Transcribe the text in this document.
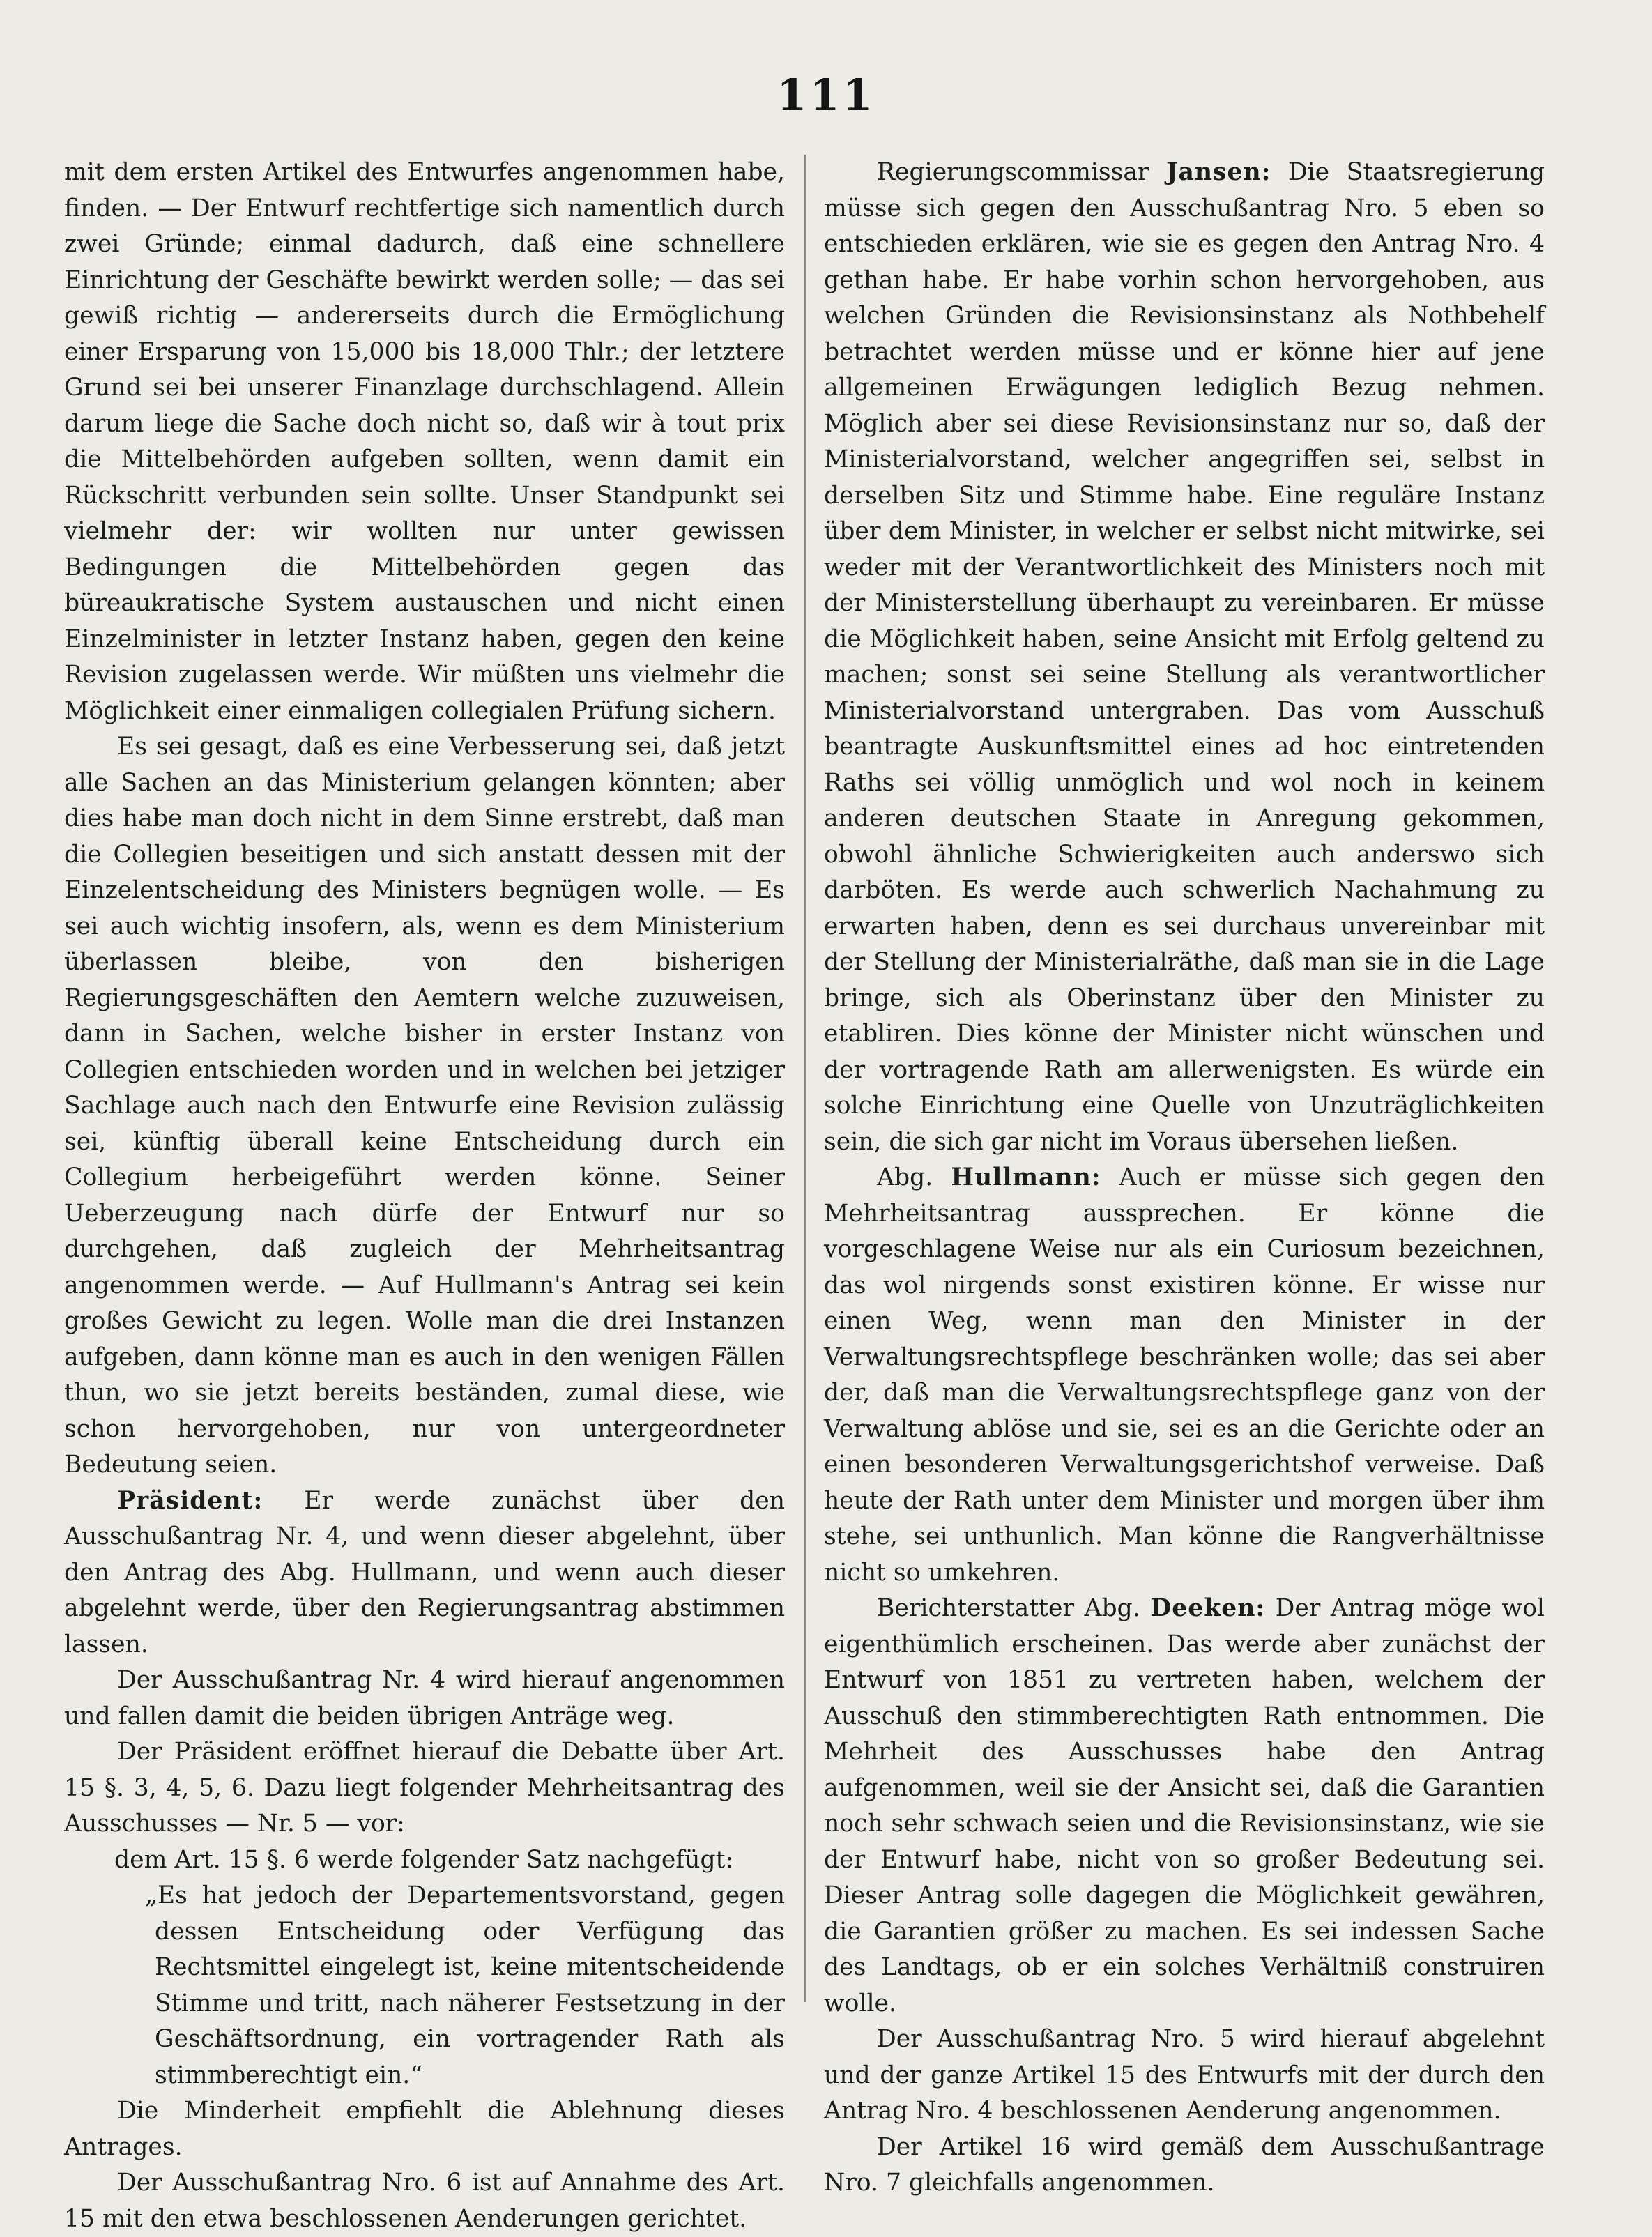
111

mit dem ersten Artikel des Entwurfes angenommen habe, finden. — Der Entwurf rechtfertige sich namentlich durch zwei Gründe; einmal dadurch, daß eine schnellere Einrichtung der Geschäfte bewirkt werden solle; — das sei gewiß richtig — andererseits durch die Ermöglichung einer Ersparung von 15,000 bis 18,000 Thlr.; der letztere Grund sei bei unserer Finanzlage durchschlagend. Allein darum liege die Sache doch nicht so, daß wir à tout prix die Mittelbehörden aufgeben sollten, wenn damit ein Rückschritt verbunden sein sollte. Unser Standpunkt sei vielmehr der: wir wollten nur unter gewissen Bedingungen die Mittelbehörden gegen das büreaukratische System austauschen und nicht einen Einzelminister in letzter Instanz haben, gegen den keine Revision zugelassen werde. Wir müßten uns vielmehr die Möglichkeit einer einmaligen collegialen Prüfung sichern.

Es sei gesagt, daß es eine Verbesserung sei, daß jetzt alle Sachen an das Ministerium gelangen könnten; aber dies habe man doch nicht in dem Sinne erstrebt, daß man die Collegien beseitigen und sich anstatt dessen mit der Einzelentscheidung des Ministers begnügen wolle. — Es sei auch wichtig insofern, als, wenn es dem Ministerium überlassen bleibe, von den bisherigen Regierungsgeschäften den Aemtern welche zuzuweisen, dann in Sachen, welche bisher in erster Instanz von Collegien entschieden worden und in welchen bei jetziger Sachlage auch nach den Entwurfe eine Revision zulässig sei, künftig überall keine Entscheidung durch ein Collegium herbeigeführt werden könne. Seiner Ueberzeugung nach dürfe der Entwurf nur so durchgehen, daß zugleich der Mehrheitsantrag angenommen werde. — Auf Hullmann's Antrag sei kein großes Gewicht zu legen. Wolle man die drei Instanzen aufgeben, dann könne man es auch in den wenigen Fällen thun, wo sie jetzt bereits beständen, zumal diese, wie schon hervorgehoben, nur von untergeordneter Bedeutung seien.

Präsident: Er werde zunächst über den Ausschußantrag Nr. 4, und wenn dieser abgelehnt, über den Antrag des Abg. Hullmann, und wenn auch dieser abgelehnt werde, über den Regierungsantrag abstimmen lassen.

Der Ausschußantrag Nr. 4 wird hierauf angenommen und fallen damit die beiden übrigen Anträge weg.

Der Präsident eröffnet hierauf die Debatte über Art. 15 §. 3, 4, 5, 6. Dazu liegt folgender Mehrheitsantrag des Ausschusses — Nr. 5 — vor:

dem Art. 15 §. 6 werde folgender Satz nachgefügt:

„Es hat jedoch der Departementsvorstand, gegen dessen Entscheidung oder Verfügung das Rechtsmittel eingelegt ist, keine mitentscheidende Stimme und tritt, nach näherer Festsetzung in der Geschäftsordnung, ein vortragender Rath als stimmberechtigt ein.“

Die Minderheit empfiehlt die Ablehnung dieses Antrages.

Der Ausschußantrag Nro. 6 ist auf Annahme des Art. 15 mit den etwa beschlossenen Aenderungen gerichtet.

Regierungscommissar Jansen: Die Staatsregierung müsse sich gegen den Ausschußantrag Nro. 5 eben so entschieden erklären, wie sie es gegen den Antrag Nro. 4 gethan habe. Er habe vorhin schon hervorgehoben, aus welchen Gründen die Revisionsinstanz als Nothbehelf betrachtet werden müsse und er könne hier auf jene allgemeinen Erwägungen lediglich Bezug nehmen. Möglich aber sei diese Revisionsinstanz nur so, daß der Ministerialvorstand, welcher angegriffen sei, selbst in derselben Sitz und Stimme habe. Eine reguläre Instanz über dem Minister, in welcher er selbst nicht mitwirke, sei weder mit der Verantwortlichkeit des Ministers noch mit der Ministerstellung überhaupt zu vereinbaren. Er müsse die Möglichkeit haben, seine Ansicht mit Erfolg geltend zu machen; sonst sei seine Stellung als verantwortlicher Ministerialvorstand untergraben. Das vom Ausschuß beantragte Auskunftsmittel eines ad hoc eintretenden Raths sei völlig unmöglich und wol noch in keinem anderen deutschen Staate in Anregung gekommen, obwohl ähnliche Schwierigkeiten auch anderswo sich darböten. Es werde auch schwerlich Nachahmung zu erwarten haben, denn es sei durchaus unvereinbar mit der Stellung der Ministerialräthe, daß man sie in die Lage bringe, sich als Oberinstanz über den Minister zu etabliren. Dies könne der Minister nicht wünschen und der vortragende Rath am allerwenigsten. Es würde ein solche Einrichtung eine Quelle von Unzuträglichkeiten sein, die sich gar nicht im Voraus übersehen ließen.

Abg. Hullmann: Auch er müsse sich gegen den Mehrheitsantrag aussprechen. Er könne die vorgeschlagene Weise nur als ein Curiosum bezeichnen, das wol nirgends sonst existiren könne. Er wisse nur einen Weg, wenn man den Minister in der Verwaltungsrechtspflege beschränken wolle; das sei aber der, daß man die Verwaltungsrechtspflege ganz von der Verwaltung ablöse und sie, sei es an die Gerichte oder an einen besonderen Verwaltungsgerichtshof verweise. Daß heute der Rath unter dem Minister und morgen über ihm stehe, sei unthunlich. Man könne die Rangverhältnisse nicht so umkehren.

Berichterstatter Abg. Deeken: Der Antrag möge wol eigenthümlich erscheinen. Das werde aber zunächst der Entwurf von 1851 zu vertreten haben, welchem der Ausschuß den stimmberechtigten Rath entnommen. Die Mehrheit des Ausschusses habe den Antrag aufgenommen, weil sie der Ansicht sei, daß die Garantien noch sehr schwach seien und die Revisionsinstanz, wie sie der Entwurf habe, nicht von so großer Bedeutung sei. Dieser Antrag solle dagegen die Möglichkeit gewähren, die Garantien größer zu machen. Es sei indessen Sache des Landtags, ob er ein solches Verhältniß construiren wolle.

Der Ausschußantrag Nro. 5 wird hierauf abgelehnt und der ganze Artikel 15 des Entwurfs mit der durch den Antrag Nro. 4 beschlossenen Aenderung angenommen.

Der Artikel 16 wird gemäß dem Ausschußantrage Nro. 7 gleichfalls angenommen.
